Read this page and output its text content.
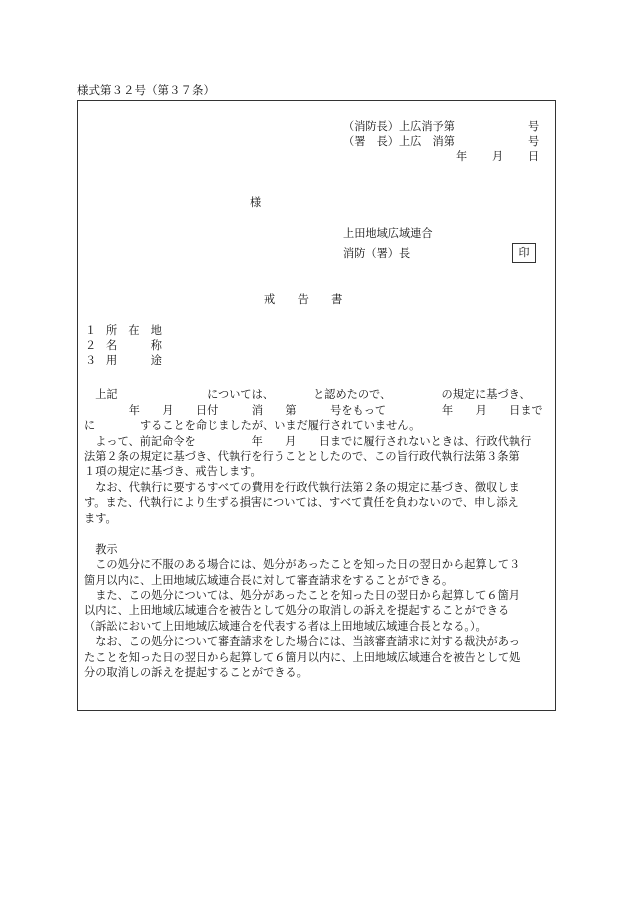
様式第３２号（第３７条）
（消防長）上広消予第	号
（署　長）上広　消第	号
年 月 日
様
上田地域広域連合
消防（署）長	印
戒　　告　　書
１ 所　在　地
２ 名　　　称
３ 用　　　途
　上記　　　　　　　　については、　　　　と認めたので、　　　　　の規定に基づき、
　　　　年　　月　　日付　　　消　　第　　　号をもって　　　　　年　　月　　日まで
に　　　　することを命じましたが、いまだ履行されていません。
　よって、前記命令を　　　　　年　　月　　日までに履行されないときは、行政代執行
法第２条の規定に基づき、代執行を行うこととしたので、この旨行政代執行法第３条第
１項の規定に基づき、戒告します。
　なお、代執行に要するすべての費用を行政代執行法第２条の規定に基づき、徴収しま
す。また、代執行により生ずる損害については、すべて責任を負わないので、申し添え
ます。
　教示
　この処分に不服のある場合には、処分があったことを知った日の翌日から起算して３
箇月以内に、上田地域広域連合長に対して審査請求をすることができる。
　また、この処分については、処分があったことを知った日の翌日から起算して６箇月
以内に、上田地域広域連合を被告として処分の取消しの訴えを提起することができる
（訴訟において上田地域広域連合を代表する者は上田地域広域連合長となる。）。
　なお、この処分について審査請求をした場合には、当該審査請求に対する裁決があっ
たことを知った日の翌日から起算して６箇月以内に、上田地域広域連合を被告として処
分の取消しの訴えを提起することができる。
